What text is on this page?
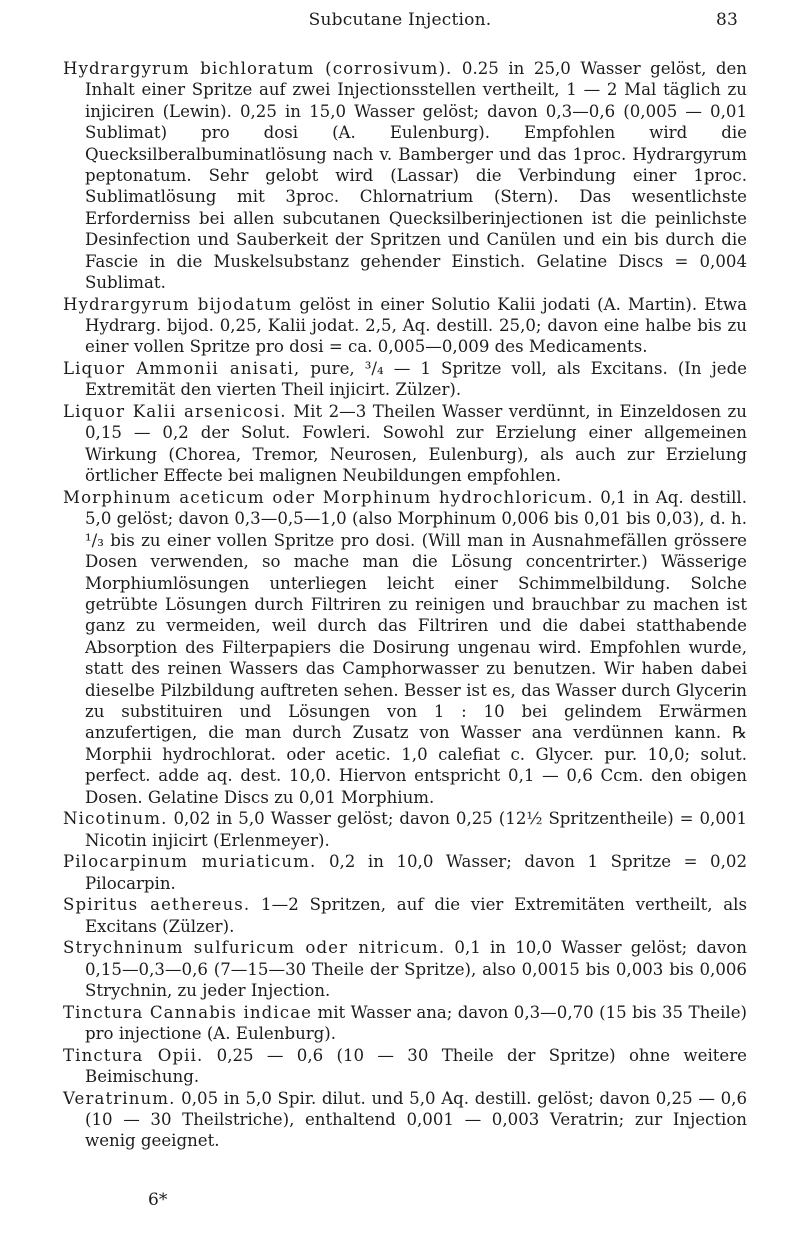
Subcutane Injection.	83

Hydrargyrum bichloratum (corrosivum). 0.25 in 25,0 Wasser gelöst, den Inhalt einer Spritze auf zwei Injectionsstellen vertheilt, 1 — 2 Mal täglich zu injiciren (Lewin). 0,25 in 15,0 Wasser gelöst; davon 0,3—0,6 (0,005 — 0,01 Sublimat) pro dosi (A. Eulenburg). Empfohlen wird die Quecksilberalbuminatlösung nach v. Bamberger und das 1proc. Hydrargyrum peptonatum. Sehr gelobt wird (Lassar) die Verbindung einer 1proc. Sublimatlösung mit 3proc. Chlornatrium (Stern). Das wesentlichste Erforderniss bei allen subcutanen Quecksilberinjectionen ist die peinlichste Desinfection und Sauberkeit der Spritzen und Canülen und ein bis durch die Fascie in die Muskelsubstanz gehender Einstich. Gelatine Discs = 0,004 Sublimat.

Hydrargyrum bijodatum gelöst in einer Solutio Kalii jodati (A. Martin). Etwa Hydrarg. bijod. 0,25, Kalii jodat. 2,5, Aq. destill. 25,0; davon eine halbe bis zu einer vollen Spritze pro dosi = ca. 0,005—0,009 des Medicaments.

Liquor Ammonii anisati, pure, ³/₄ — 1 Spritze voll, als Excitans. (In jede Extremität den vierten Theil injicirt. Zülzer).

Liquor Kalii arsenicosi. Mit 2—3 Theilen Wasser verdünnt, in Einzeldosen zu 0,15 — 0,2 der Solut. Fowleri. Sowohl zur Erzielung einer allgemeinen Wirkung (Chorea, Tremor, Neurosen, Eulenburg), als auch zur Erzielung örtlicher Effecte bei malignen Neubildungen empfohlen.

Morphinum aceticum oder Morphinum hydrochloricum. 0,1 in Aq. destill. 5,0 gelöst; davon 0,3—0,5—1,0 (also Morphinum 0,006 bis 0,01 bis 0,03), d. h. ¹/₃ bis zu einer vollen Spritze pro dosi. (Will man in Ausnahmefällen grössere Dosen verwenden, so mache man die Lösung concentrirter.) Wässerige Morphiumlösungen unterliegen leicht einer Schimmelbildung. Solche getrübte Lösungen durch Filtriren zu reinigen und brauchbar zu machen ist ganz zu vermeiden, weil durch das Filtriren und die dabei statthabende Absorption des Filterpapiers die Dosirung ungenau wird. Empfohlen wurde, statt des reinen Wassers das Camphorwasser zu benutzen. Wir haben dabei dieselbe Pilzbildung auftreten sehen. Besser ist es, das Wasser durch Glycerin zu substituiren und Lösungen von 1 : 10 bei gelindem Erwärmen anzufertigen, die man durch Zusatz von Wasser ana verdünnen kann. ℞ Morphii hydrochlorat. oder acetic. 1,0 calefiat c. Glycer. pur. 10,0; solut. perfect. adde aq. dest. 10,0. Hiervon entspricht 0,1 — 0,6 Ccm. den obigen Dosen. Gelatine Discs zu 0,01 Morphium.

Nicotinum. 0,02 in 5,0 Wasser gelöst; davon 0,25 (12½ Spritzentheile) = 0,001 Nicotin injicirt (Erlenmeyer).

Pilocarpinum muriaticum. 0,2 in 10,0 Wasser; davon 1 Spritze = 0,02 Pilocarpin.

Spiritus aethereus. 1—2 Spritzen, auf die vier Extremitäten vertheilt, als Excitans (Zülzer).

Strychninum sulfuricum oder nitricum. 0,1 in 10,0 Wasser gelöst; davon 0,15—0,3—0,6 (7—15—30 Theile der Spritze), also 0,0015 bis 0,003 bis 0,006 Strychnin, zu jeder Injection.

Tinctura Cannabis indicae mit Wasser ana; davon 0,3—0,70 (15 bis 35 Theile) pro injectione (A. Eulenburg).

Tinctura Opii. 0,25 — 0,6 (10 — 30 Theile der Spritze) ohne weitere Beimischung.

Veratrinum. 0,05 in 5,0 Spir. dilut. und 5,0 Aq. destill. gelöst; davon 0,25 — 0,6 (10 — 30 Theilstriche), enthaltend 0,001 — 0,003 Veratrin; zur Injection wenig geeignet.

6*
